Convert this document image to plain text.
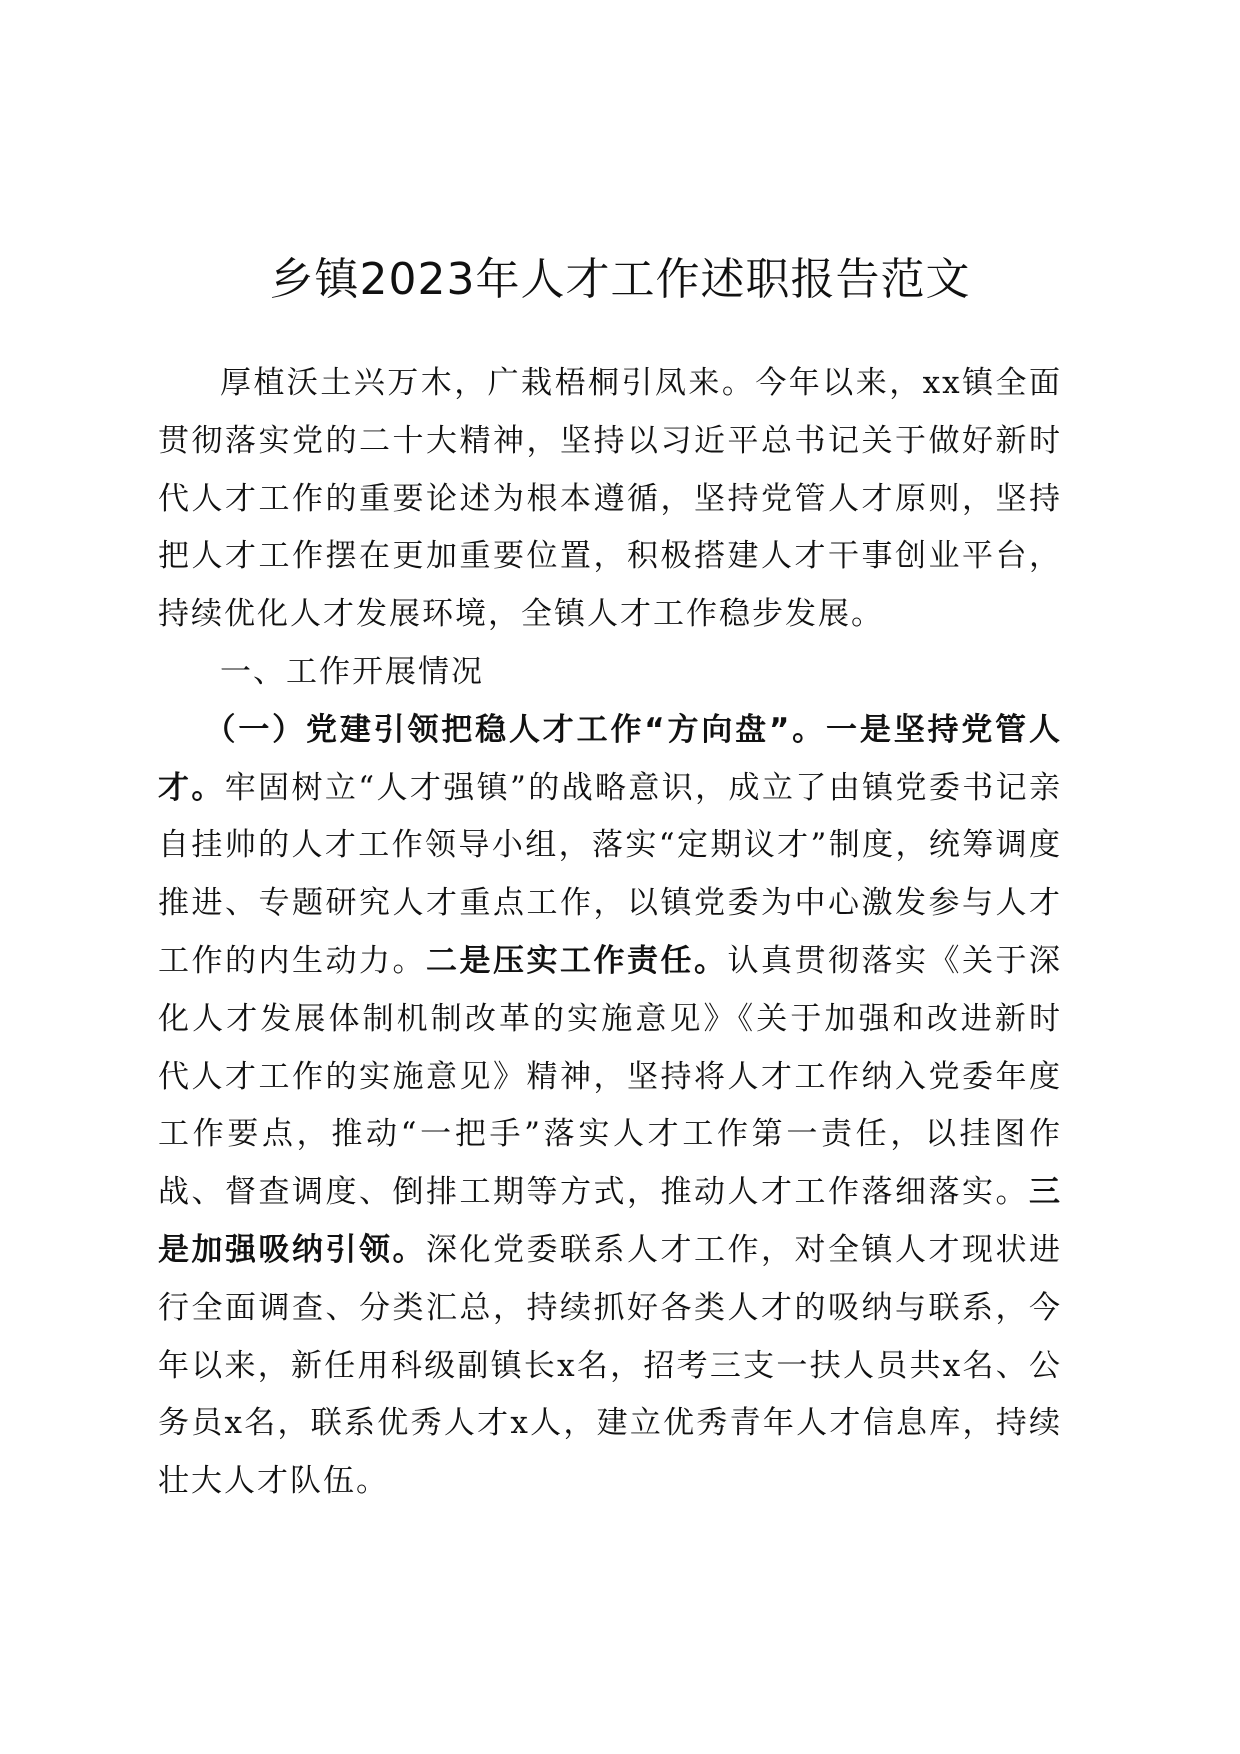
乡镇2023年人才工作述职报告范文

厚植沃土兴万木，广栽梧桐引凤来。今年以来，xx镇全面贯彻落实党的二十大精神，坚持以习近平总书记关于做好新时代人才工作的重要论述为根本遵循，坚持党管人才原则，坚持把人才工作摆在更加重要位置，积极搭建人才干事创业平台，持续优化人才发展环境，全镇人才工作稳步发展。

一、工作开展情况

（一）党建引领把稳人才工作“方向盘”。一是坚持党管人才。牢固树立“人才强镇”的战略意识，成立了由镇党委书记亲自挂帅的人才工作领导小组，落实“定期议才”制度，统筹调度推进、专题研究人才重点工作，以镇党委为中心激发参与人才工作的内生动力。二是压实工作责任。认真贯彻落实《关于深化人才发展体制机制改革的实施意见》《关于加强和改进新时代人才工作的实施意见》精神，坚持将人才工作纳入党委年度工作要点，推动“一把手”落实人才工作第一责任，以挂图作战、督查调度、倒排工期等方式，推动人才工作落细落实。三是加强吸纳引领。深化党委联系人才工作，对全镇人才现状进行全面调查、分类汇总，持续抓好各类人才的吸纳与联系，今年以来，新任用科级副镇长x名，招考三支一扶人员共x名、公务员x名，联系优秀人才x人，建立优秀青年人才信息库，持续壮大人才队伍。
